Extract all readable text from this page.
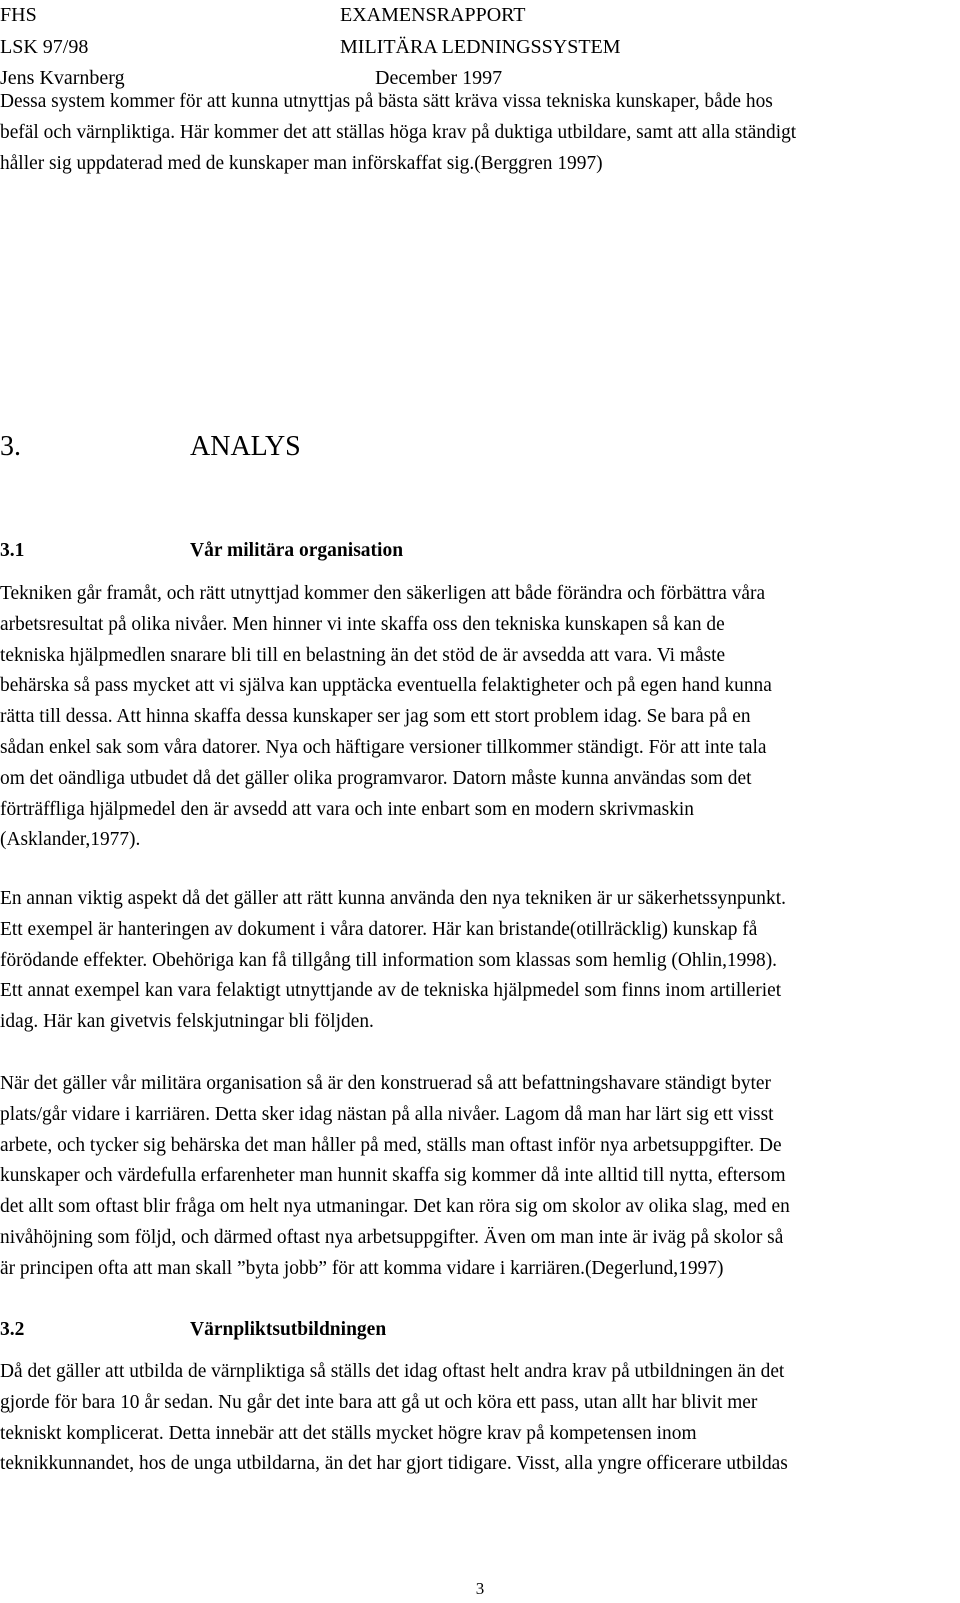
FHS	EXAMENSRAPPORT
LSK 97/98	MILITÄRA LEDNINGSSYSTEM
Jens Kvarnberg	December 1997

Dessa system kommer för att kunna utnyttjas på bästa sätt kräva vissa tekniska kunskaper, både hos
befäl och värnpliktiga. Här kommer det att ställas höga krav på duktiga utbildare, samt att alla ständigt
håller sig uppdaterad med de kunskaper man införskaffat sig.(Berggren 1997)

3.	ANALYS
3.1	Vår militära organisation

Tekniken går framåt, och rätt utnyttjad kommer den säkerligen att både förändra och förbättra våra
arbetsresultat på olika nivåer. Men hinner vi inte skaffa oss den tekniska kunskapen så kan de
tekniska hjälpmedlen snarare bli till en belastning än det stöd de är avsedda att vara. Vi måste
behärska så pass mycket att vi själva kan upptäcka eventuella felaktigheter och på egen hand kunna
rätta till dessa. Att hinna skaffa dessa kunskaper ser jag som ett stort problem idag. Se bara på en
sådan enkel sak som våra datorer. Nya och häftigare versioner tillkommer ständigt. För att inte tala
om det oändliga utbudet då det gäller olika programvaror. Datorn måste kunna användas som det
förträffliga hjälpmedel den är avsedd att vara och inte enbart som en modern skrivmaskin
(Asklander,1977).

En annan viktig aspekt då det gäller att rätt kunna använda den nya tekniken är ur säkerhetssynpunkt.
Ett exempel är hanteringen av dokument i våra datorer. Här kan bristande(otillräcklig) kunskap få
förödande effekter. Obehöriga kan få tillgång till information som klassas som hemlig (Ohlin,1998).
Ett annat exempel kan vara felaktigt utnyttjande av de tekniska hjälpmedel som finns inom artilleriet
idag. Här kan givetvis felskjutningar bli följden.

När det gäller vår militära organisation så är den konstruerad så att befattningshavare ständigt byter
plats/går vidare i karriären. Detta sker idag nästan på alla nivåer. Lagom då man har lärt sig ett visst
arbete, och tycker sig behärska det man håller på med, ställs man oftast inför nya arbetsuppgifter. De
kunskaper och värdefulla erfarenheter man hunnit skaffa sig kommer då inte alltid till nytta, eftersom
det allt som oftast blir fråga om helt nya utmaningar. Det kan röra sig om skolor av olika slag, med en
nivåhöjning som följd, och därmed oftast nya arbetsuppgifter. Även om man inte är iväg på skolor så
är principen ofta att man skall ”byta jobb” för att komma vidare i karriären.(Degerlund,1997)

3.2	Värnpliktsutbildningen

Då det gäller att utbilda de värnpliktiga så ställs det idag oftast helt andra krav på utbildningen än det
gjorde för bara 10 år sedan. Nu går det inte bara att gå ut och köra ett pass, utan allt har blivit mer
tekniskt komplicerat. Detta innebär att det ställs mycket högre krav på kompetensen inom
teknikkunnandet, hos de unga utbildarna, än det har gjort tidigare. Visst, alla yngre officerare utbildas

3
